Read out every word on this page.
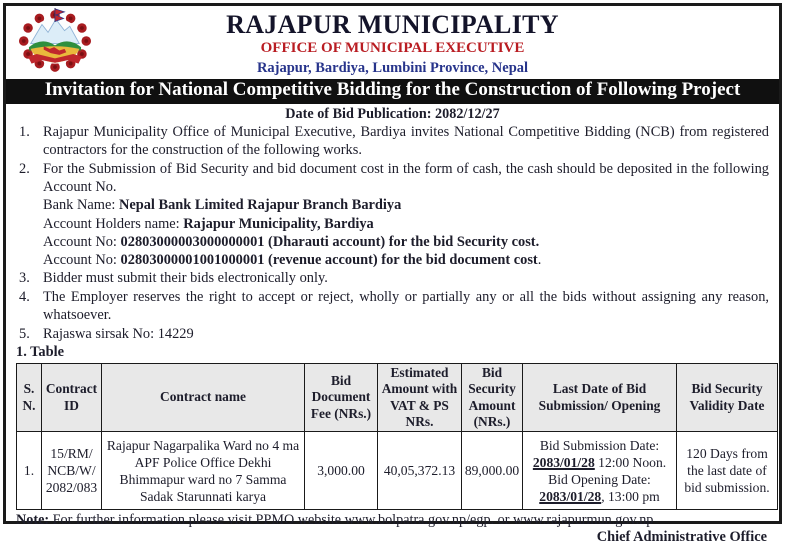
RAJAPUR MUNICIPALITY
OFFICE OF MUNICIPAL EXECUTIVE
Rajapur, Bardiya, Lumbini Province, Nepal
Invitation for National Competitive Bidding for the Construction of Following Project
Date of Bid Publication: 2082/12/27
1. Rajapur Municipality Office of Municipal Executive, Bardiya invites National Competitive Bidding (NCB) from registered contractors for the construction of the following works.
2. For the Submission of Bid Security and bid document cost in the form of cash, the cash should be deposited in the following Account No.
Bank Name: Nepal Bank Limited Rajapur Branch Bardiya
Account Holders name: Rajapur Municipality, Bardiya
Account No: 02803000003000000001 (Dharauti account) for the bid Security cost.
Account No: 02803000001001000001 (revenue account) for the bid document cost.
3. Bidder must submit their bids electronically only.
4. The Employer reserves the right to accept or reject, wholly or partially any or all the bids without assigning any reason, whatsoever.
5. Rajaswa sirsak No: 14229
1. Table
S. N.	Contract ID	Contract name	Bid Document Fee (NRs.)	Estimated Amount with VAT & PS NRs.	Bid Security Amount (NRs.)	Last Date of Bid Submission/ Opening	Bid Security Validity Date
1.	15/RM/ NCB/W/ 2082/083	Rajapur Nagarpalika Ward no 4 ma APF Police Office Dekhi Bhimmapur ward no 7 Samma Sadak Starunnati karya	3,000.00	40,05,372.13	89,000.00	Bid Submission Date:
2083/01/28 12:00 Noon.
Bid Opening Date:
2083/01/28, 13:00 pm	120 Days from the last date of bid submission.
Note: For further information please visit PPMO website www.bolpatra.gov.np/egp. or www.rajapurmun.gov.np
Chief Administrative Office
